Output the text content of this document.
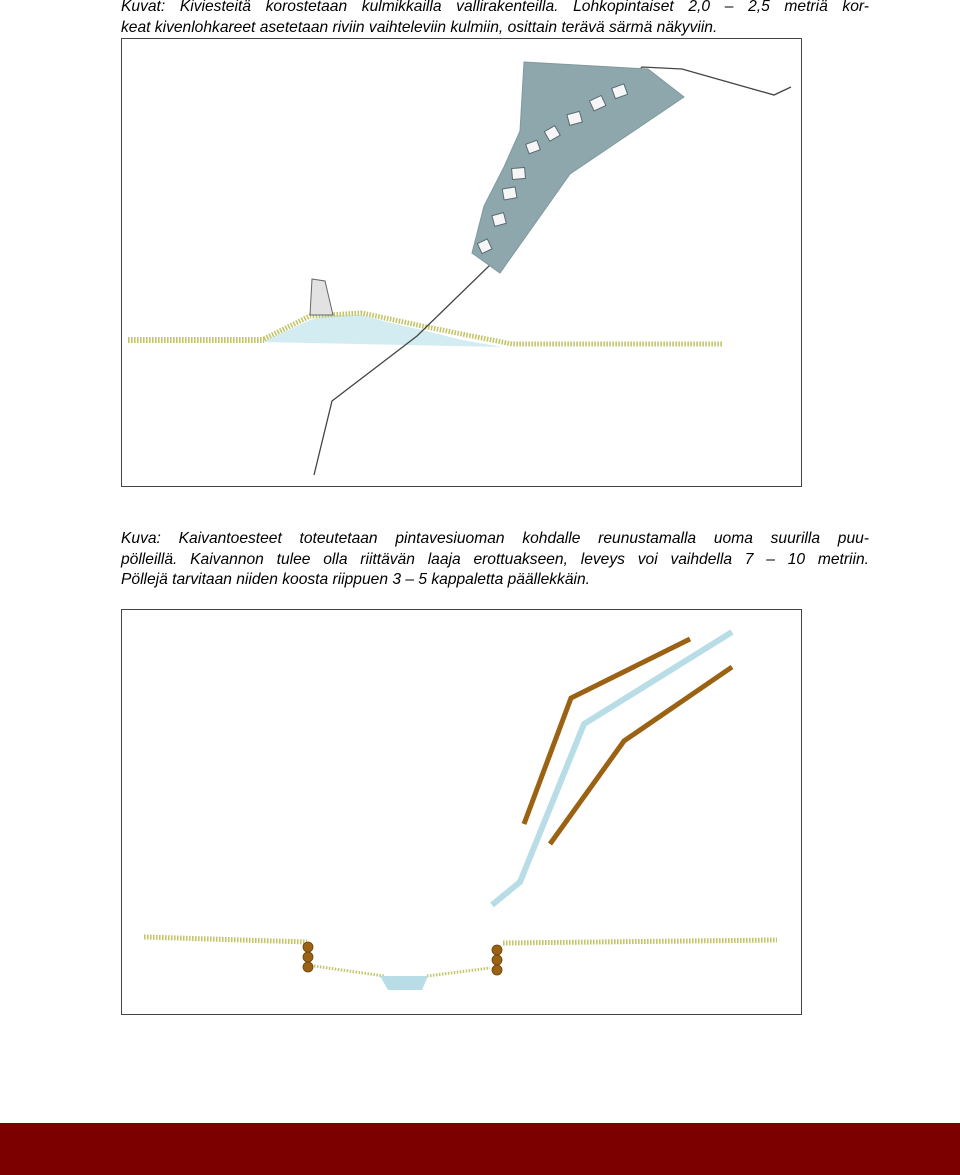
Kuvat: Kiviesteitä korostetaan kulmikkailla vallirakenteilla. Lohkopintaiset 2,0 – 2,5 metriä kor-
keat kivenlohkareet asetetaan riviin vaihteleviin kulmiin, osittain terävä särmä näkyviin.
Kuva: Kaivantoesteet toteutetaan pintavesiuoman kohdalle reunustamalla uoma suurilla puu-
pölleillä. Kaivannon tulee olla riittävän laaja erottuakseen, leveys voi vaihdella 7 – 10 metriin.
Pöllejä tarvitaan niiden koosta riippuen 3 – 5 kappaletta päällekkäin.
